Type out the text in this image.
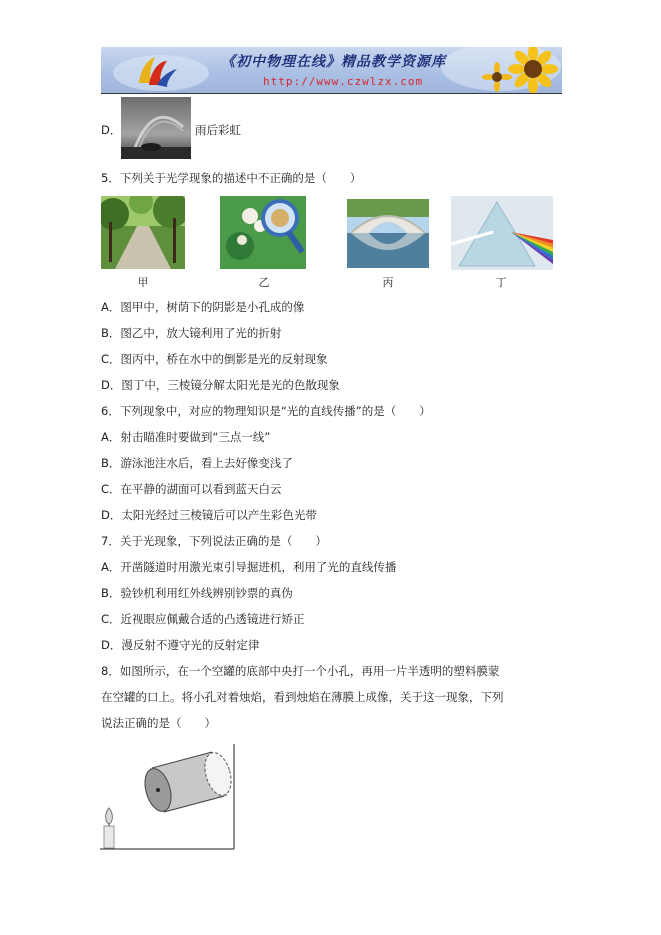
《初中物理在线》精品教学资源库
http://www.czwlzx.com
D．	雨后彩虹
5．下列关于光学现象的描述中不正确的是（　　）
甲	乙	丙	丁
A．图甲中，树荫下的阴影是小孔成的像
B．图乙中，放大镜利用了光的折射
C．图丙中，桥在水中的倒影是光的反射现象
D．图丁中，三棱镜分解太阳光是光的色散现象
6．下列现象中，对应的物理知识是“光的直线传播”的是（　　）
A．射击瞄准时要做到“三点一线”
B．游泳池注水后，看上去好像变浅了
C．在平静的湖面可以看到蓝天白云
D．太阳光经过三棱镜后可以产生彩色光带
7．关于光现象，下列说法正确的是（　　）
A．开凿隧道时用激光束引导掘进机，利用了光的直线传播
B．验钞机利用红外线辨别钞票的真伪
C．近视眼应佩戴合适的凸透镜进行矫正
D．漫反射不遵守光的反射定律
8．如图所示，在一个空罐的底部中央打一个小孔，再用一片半透明的塑料膜蒙
在空罐的口上。将小孔对着烛焰，看到烛焰在薄膜上成像，关于这一现象，下列
说法正确的是（　　）
